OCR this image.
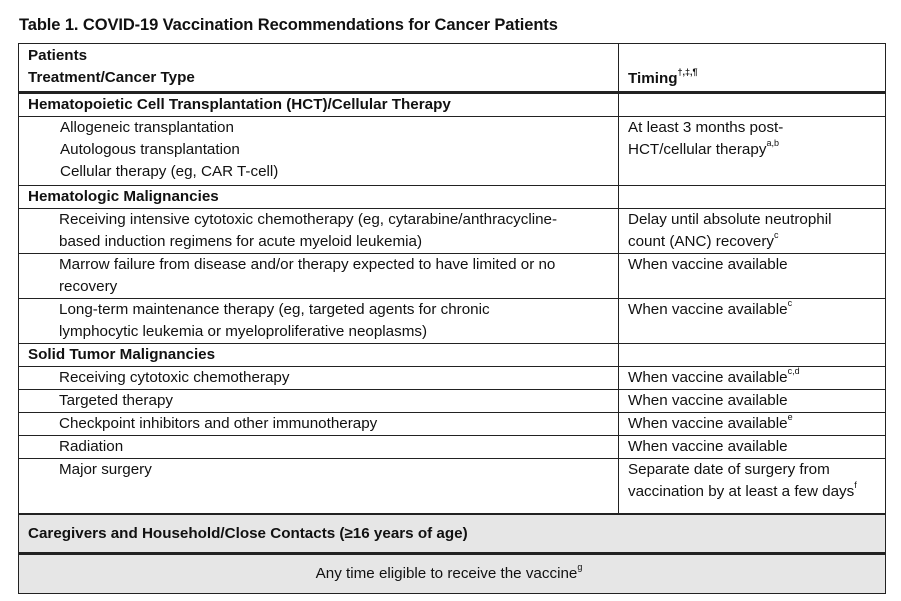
Table 1. COVID-19 Vaccination Recommendations for Cancer Patients
Patients
Treatment/Cancer Type	Timing†,‡,¶
Hematopoietic Cell Transplantation (HCT)/Cellular Therapy	

Allogeneic transplantation
Autologous transplantation
Cellular therapy (eg, CAR T-cell)	At least 3 months post-
HCT/cellular therapy$^{a,b}$

Hematologic Malignancies	

Receiving intensive cytotoxic chemotherapy (eg, cytarabine/anthracycline-
based induction regimens for acute myeloid leukemia)	Delay until absolute neutrophil
count (ANC) recovery$^c$

Marrow failure from disease and/or therapy expected to have limited or no
recovery	When vaccine available

Long-term maintenance therapy (eg, targeted agents for chronic
lymphocytic leukemia or myeloproliferative neoplasms)	When vaccine available$^c$

Solid Tumor Malignancies	
Receiving cytotoxic chemotherapy	When vaccine available$^{c,d}$
Targeted therapy	When vaccine available
Checkpoint inhibitors and other immunotherapy	When vaccine available$^e$
Radiation	When vaccine available
Major surgery	Separate date of surgery from
vaccination by at least a few days$^f$

Caregivers and Household/Close Contacts (≥16 years of age)	
Any time eligible to receive the vaccine$^g$
